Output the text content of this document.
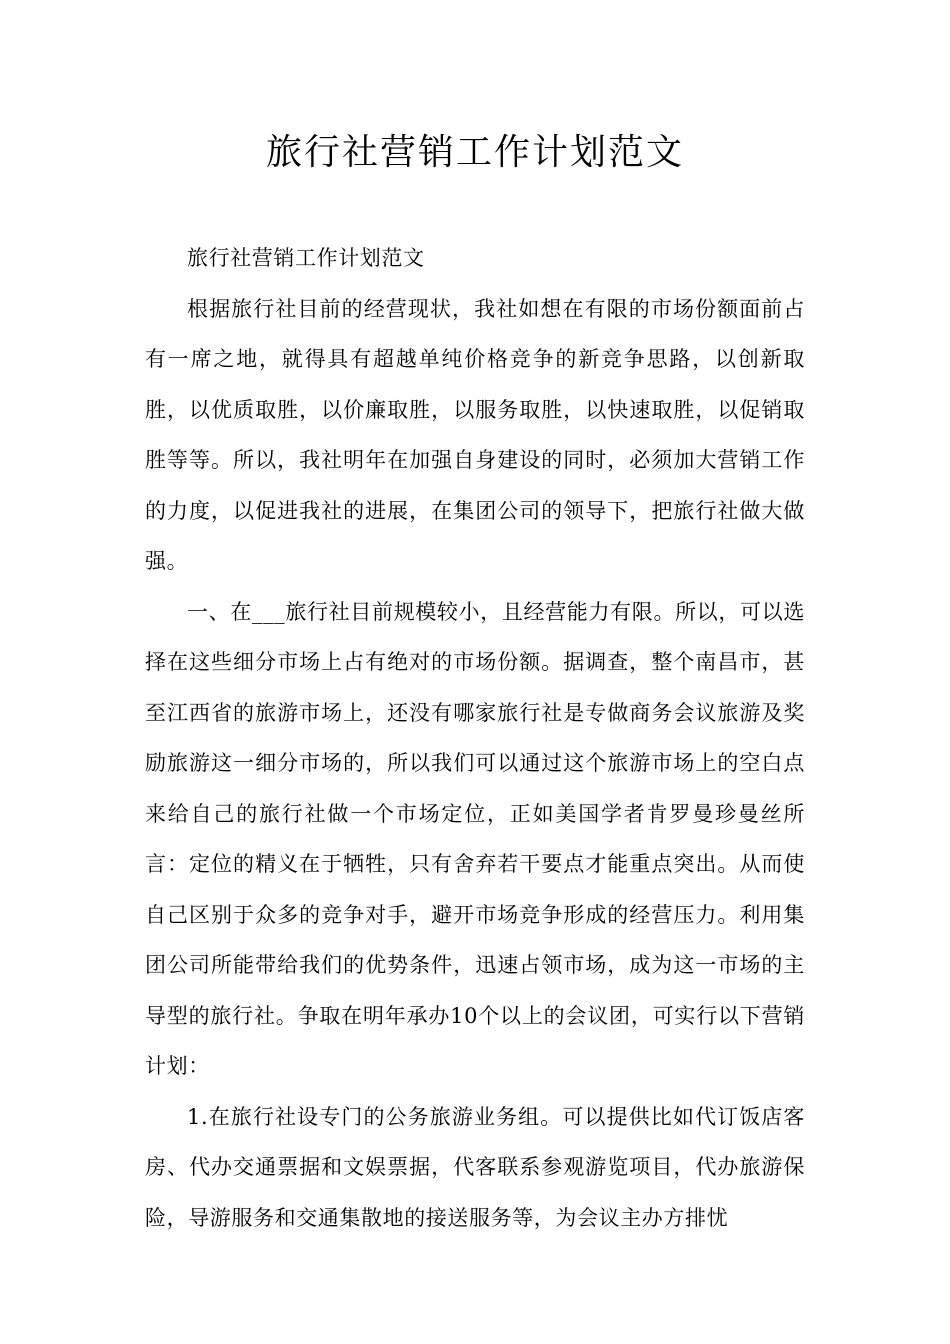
旅行社营销工作计划范文

旅行社营销工作计划范文

根据旅行社目前的经营现状，我社如想在有限的市场份额面前占有一席之地，就得具有超越单纯价格竞争的新竞争思路，以创新取胜，以优质取胜，以价廉取胜，以服务取胜，以快速取胜，以促销取胜等等。所以，我社明年在加强自身建设的同时，必须加大营销工作的力度，以促进我社的进展，在集团公司的领导下，把旅行社做大做强。

一、在___旅行社目前规模较小，且经营能力有限。所以，可以选择在这些细分市场上占有绝对的市场份额。据调查，整个南昌市，甚至江西省的旅游市场上，还没有哪家旅行社是专做商务会议旅游及奖励旅游这一细分市场的，所以我们可以通过这个旅游市场上的空白点来给自己的旅行社做一个市场定位，正如美国学者肯罗曼珍曼丝所言：定位的精义在于牺牲，只有舍弃若干要点才能重点突出。从而使自己区别于众多的竞争对手，避开市场竞争形成的经营压力。利用集团公司所能带给我们的优势条件，迅速占领市场，成为这一市场的主导型的旅行社。争取在明年承办10个以上的会议团，可实行以下营销计划：

1.在旅行社设专门的公务旅游业务组。可以提供比如代订饭店客房、代办交通票据和文娱票据，代客联系参观游览项目，代办旅游保险，导游服务和交通集散地的接送服务等，为会议主办方排忧
